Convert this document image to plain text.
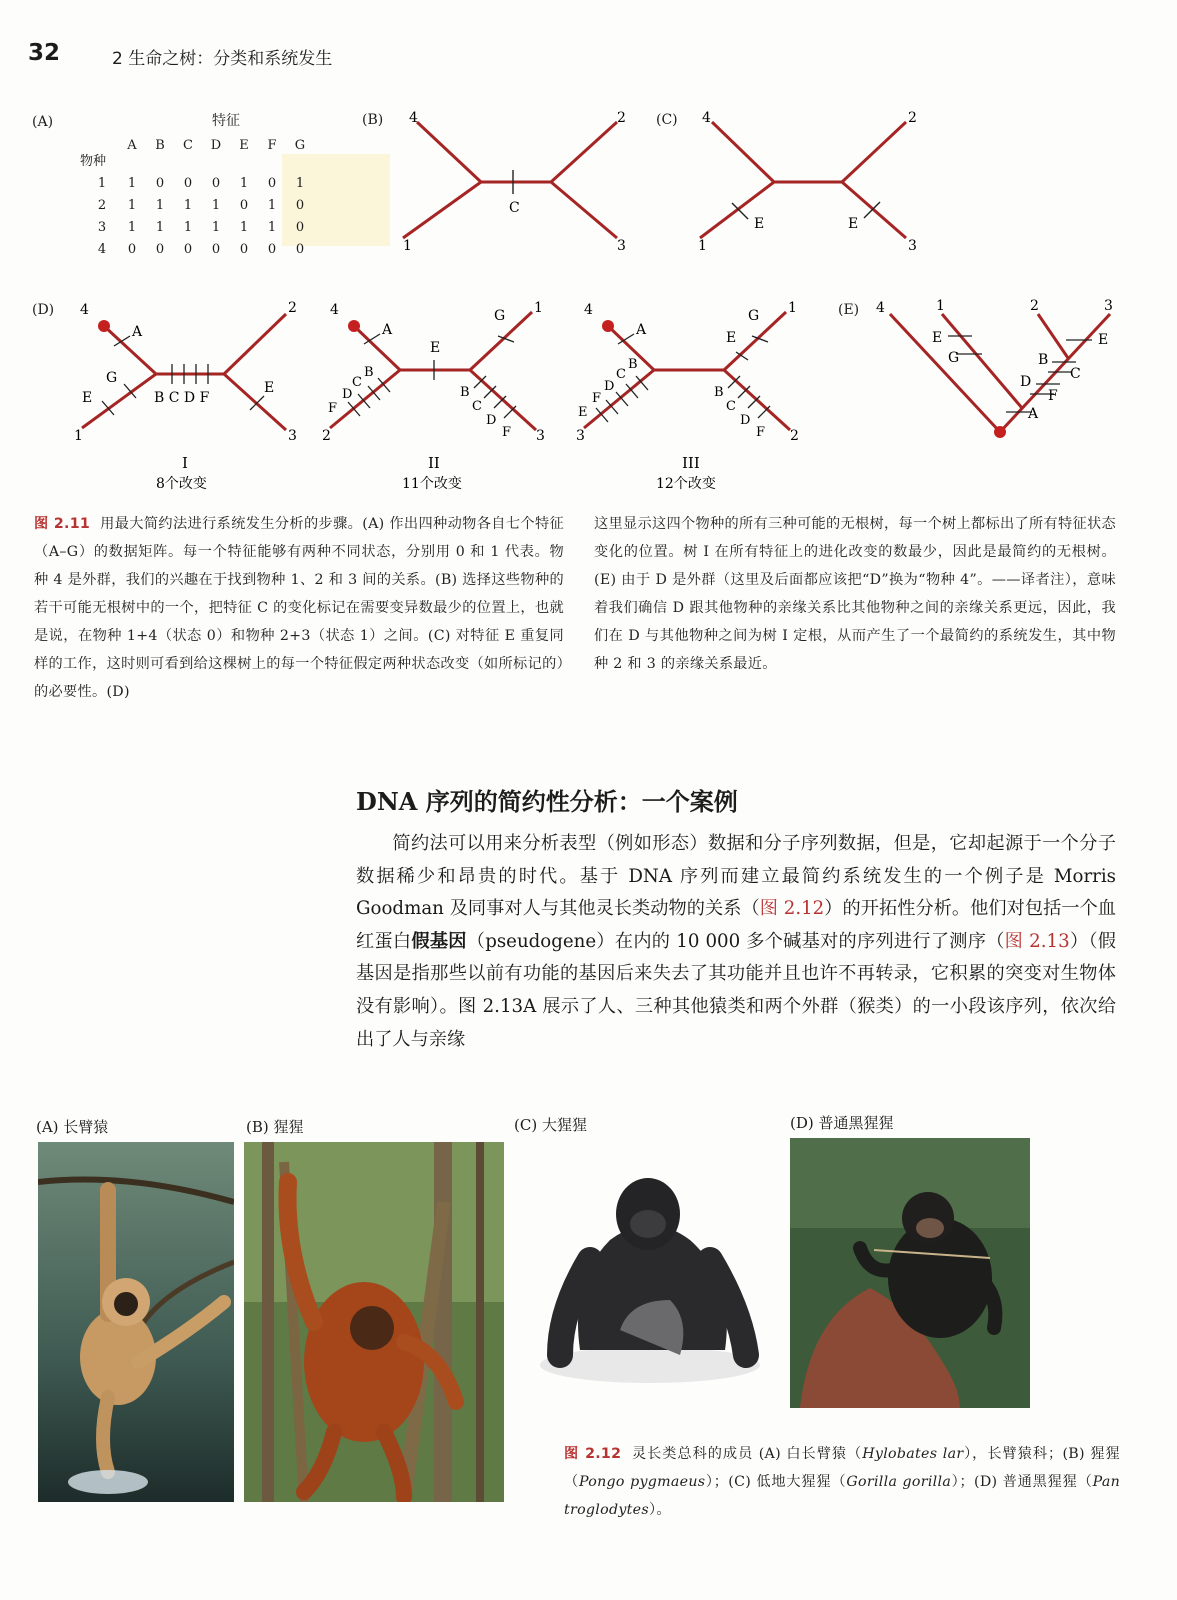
32	2 生命之树：分类和系统发生
(A)	特征
物种
	A	B	C	D	E	F	G

1	1	0	0	0	1	0	1
2	1	1	1	1	0	1	0
3	1	1	1	1	1	1	0
4	0	0	0	0	0	0	0
(B) 4	2
1	3
C
(C) 4	2
1	3
E	E
(D) 4	2
1	3
A
G
E	B C D F
E
I
8个改变
4	1
2	3
A
B
C
D
F
E
G
B
C
D
F
II
11个改变
4	1
3	2
A
B
C
D
F
E
G
E
B
C
D
F
III
12个改变
(E) 4	1	2	3
E
G
E
B
C
D
F
A
图 2.11 用最大简约法进行系统发生分析的步骤。(A) 作出四种动物各自七个特征（A–G）的数据矩阵。每一个特征能够有两种不同状态，分别用 0 和 1 代表。物种 4 是外群，我们的兴趣在于找到物种 1、2 和 3 间的关系。(B) 选择这些物种的若干可能无根树中的一个，把特征 C 的变化标记在需要变异数最少的位置上，也就是说，在物种 1+4（状态 0）和物种 2+3（状态 1）之间。(C) 对特征 E 重复同样的工作，这时则可看到给这棵树上的每一个特征假定两种状态改变（如所标记的）的必要性。(D)
这里显示这四个物种的所有三种可能的无根树，每一个树上都标出了所有特征状态变化的位置。树 I 在所有特征上的进化改变的数最少，因此是最简约的无根树。(E) 由于 D 是外群（这里及后面都应该把“D”换为“物种 4”。——译者注），意味着我们确信 D 跟其他物种的亲缘关系比其他物种之间的亲缘关系更远，因此，我们在 D 与其他物种之间为树 I 定根，从而产生了一个最简约的系统发生，其中物种 2 和 3 的亲缘关系最近。
DNA 序列的简约性分析：一个案例

简约法可以用来分析表型（例如形态）数据和分子序列数据，但是，它却起源于一个分子数据稀少和昂贵的时代。基于 DNA 序列而建立最简约系统发生的一个例子是 Morris Goodman 及同事对人与其他灵长类动物的关系（图 2.12）的开拓性分析。他们对包括一个血红蛋白假基因（pseudogene）在内的 10 000 多个碱基对的序列进行了测序（图 2.13）（假基因是指那些以前有功能的基因后来失去了其功能并且也许不再转录，它积累的突变对生物体没有影响）。图 2.13A 展示了人、三种其他猿类和两个外群（猴类）的一小段该序列，依次给出了人与亲缘

(A) 长臂猿	(B) 猩猩	(C) 大猩猩	(D) 普通黑猩猩
图 2.12 灵长类总科的成员 (A) 白长臂猿（Hylobates lar），长臂猿科；(B) 猩猩（Pongo pygmaeus）；(C) 低地大猩猩（Gorilla gorilla）；(D) 普通黑猩猩（Pan troglodytes）。
